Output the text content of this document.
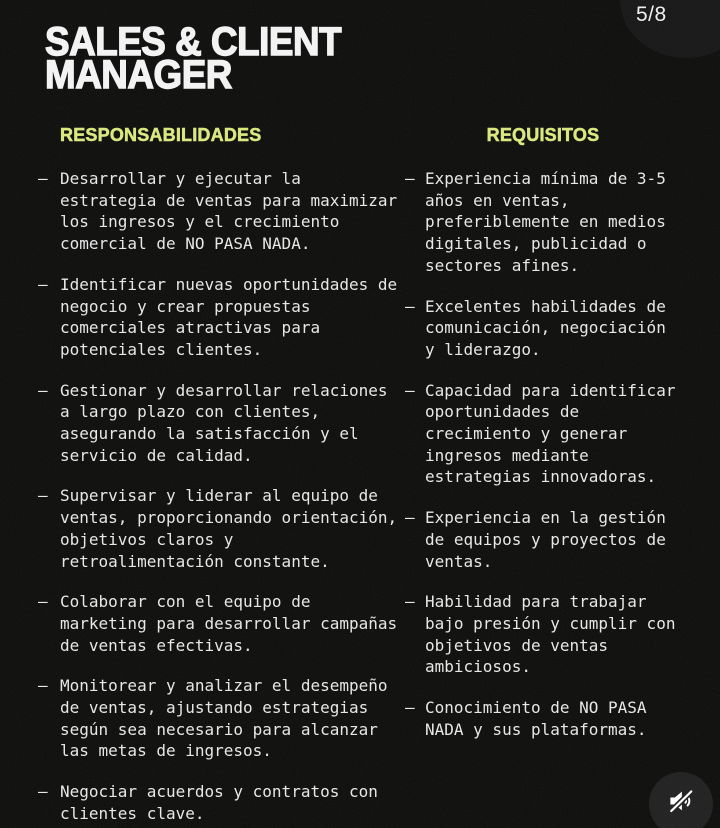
5/8
SALES & CLIENT
MANAGER
RESPONSABILIDADES
– Desarrollar y ejecutar la estrategia de ventas para maximizar los ingresos y el crecimiento comercial de NO PASA NADA.
– Identificar nuevas oportunidades de negocio y crear propuestas comerciales atractivas para potenciales clientes.
– Gestionar y desarrollar relaciones a largo plazo con clientes, asegurando la satisfacción y el servicio de calidad.
– Supervisar y liderar al equipo de ventas, proporcionando orientación, objetivos claros y retroalimentación constante.
– Colaborar con el equipo de marketing para desarrollar campañas de ventas efectivas.
– Monitorear y analizar el desempeño de ventas, ajustando estrategias según sea necesario para alcanzar las metas de ingresos.
– Negociar acuerdos y contratos con clientes clave.
REQUISITOS
– Experiencia mínima de 3-5 años en ventas, preferiblemente en medios digitales, publicidad o sectores afines.
– Excelentes habilidades de comunicación, negociación y liderazgo.
– Capacidad para identificar oportunidades de crecimiento y generar ingresos mediante estrategias innovadoras.
– Experiencia en la gestión de equipos y proyectos de ventas.
– Habilidad para trabajar bajo presión y cumplir con objetivos de ventas ambiciosos.
– Conocimiento de NO PASA NADA y sus plataformas.
